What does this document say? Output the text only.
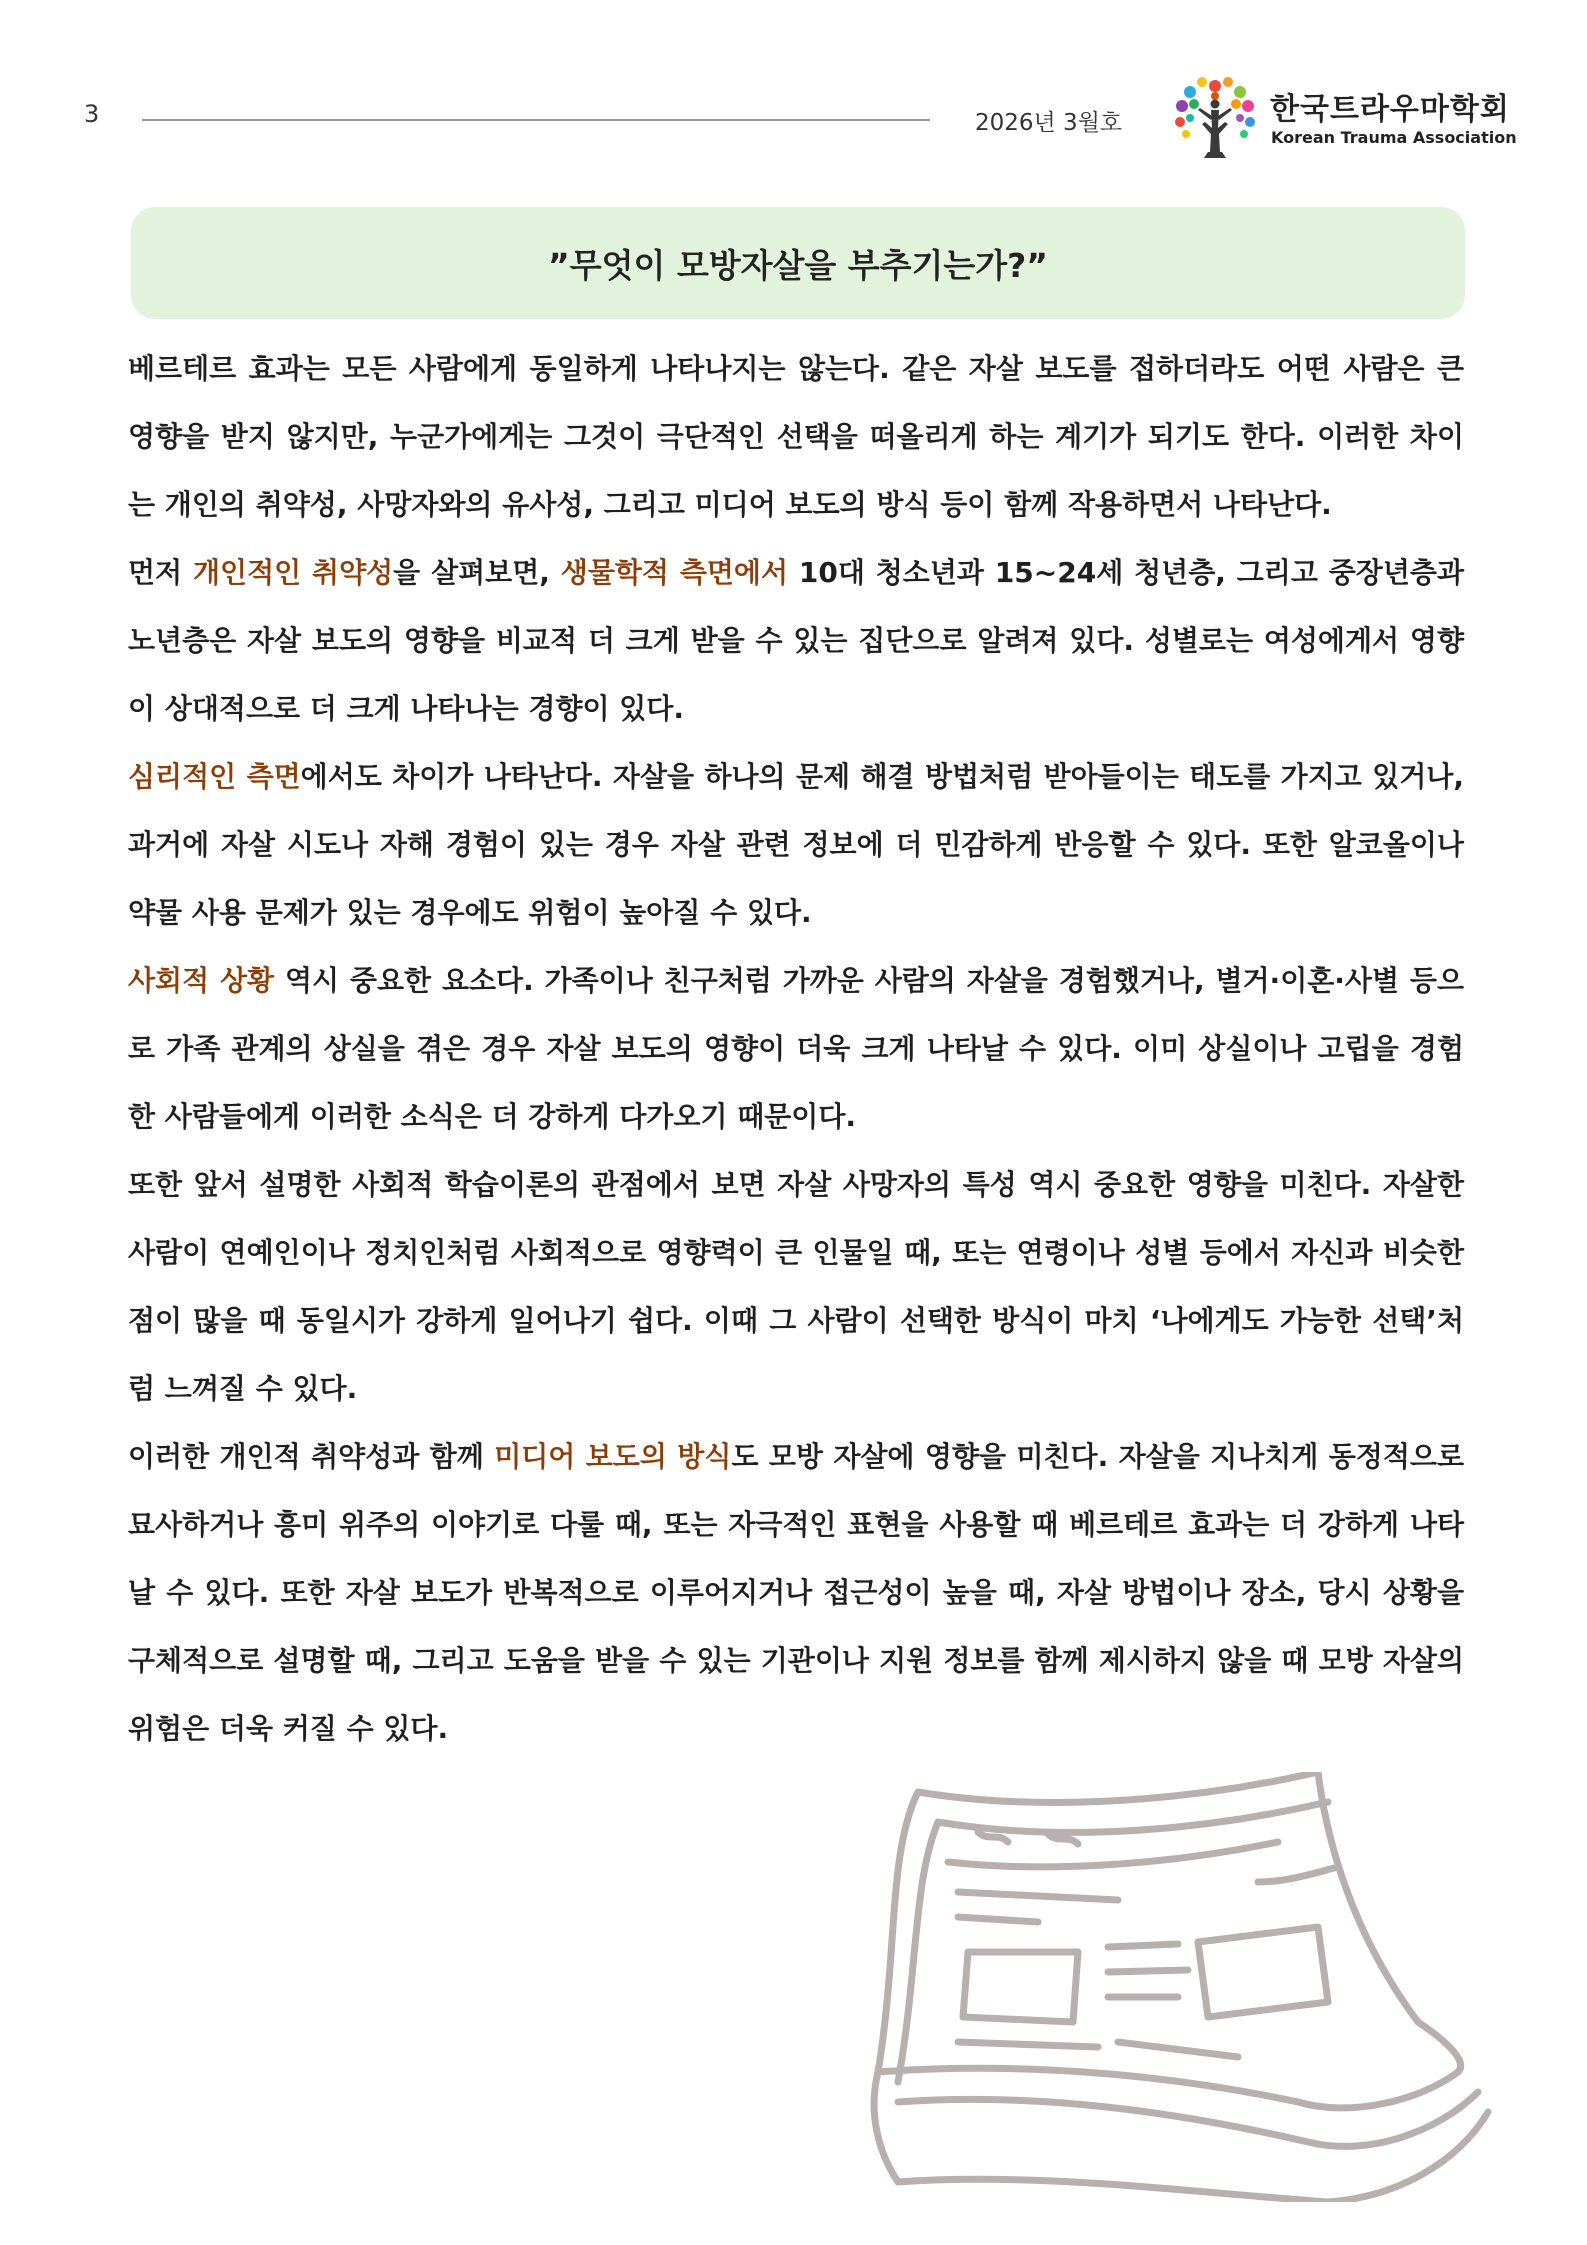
3	2026년 3월호	한국트라우마학회
Korean Trauma Association
”무엇이 모방자살을 부추기는가?”

베르테르 효과는 모든 사람에게 동일하게 나타나지는 않는다. 같은 자살 보도를 접하더라도 어떤 사람은 큰 영향을 받지 않지만, 누군가에게는 그것이 극단적인 선택을 떠올리게 하는 계기가 되기도 한다. 이러한 차이는 개인의 취약성, 사망자와의 유사성, 그리고 미디어 보도의 방식 등이 함께 작용하면서 나타난다.

먼저 개인적인 취약성을 살펴보면, 생물학적 측면에서 10대 청소년과 15~24세 청년층, 그리고 중장년층과 노년층은 자살 보도의 영향을 비교적 더 크게 받을 수 있는 집단으로 알려져 있다. 성별로는 여성에게서 영향이 상대적으로 더 크게 나타나는 경향이 있다.

심리적인 측면에서도 차이가 나타난다. 자살을 하나의 문제 해결 방법처럼 받아들이는 태도를 가지고 있거나, 과거에 자살 시도나 자해 경험이 있는 경우 자살 관련 정보에 더 민감하게 반응할 수 있다. 또한 알코올이나 약물 사용 문제가 있는 경우에도 위험이 높아질 수 있다.

사회적 상황 역시 중요한 요소다. 가족이나 친구처럼 가까운 사람의 자살을 경험했거나, 별거·이혼·사별 등으로 가족 관계의 상실을 겪은 경우 자살 보도의 영향이 더욱 크게 나타날 수 있다. 이미 상실이나 고립을 경험한 사람들에게 이러한 소식은 더 강하게 다가오기 때문이다.

또한 앞서 설명한 사회적 학습이론의 관점에서 보면 자살 사망자의 특성 역시 중요한 영향을 미친다. 자살한 사람이 연예인이나 정치인처럼 사회적으로 영향력이 큰 인물일 때, 또는 연령이나 성별 등에서 자신과 비슷한 점이 많을 때 동일시가 강하게 일어나기 쉽다. 이때 그 사람이 선택한 방식이 마치 ‘나에게도 가능한 선택’처럼 느껴질 수 있다.

이러한 개인적 취약성과 함께 미디어 보도의 방식도 모방 자살에 영향을 미친다. 자살을 지나치게 동정적으로 묘사하거나 흥미 위주의 이야기로 다룰 때, 또는 자극적인 표현을 사용할 때 베르테르 효과는 더 강하게 나타날 수 있다. 또한 자살 보도가 반복적으로 이루어지거나 접근성이 높을 때, 자살 방법이나 장소, 당시 상황을 구체적으로 설명할 때, 그리고 도움을 받을 수 있는 기관이나 지원 정보를 함께 제시하지 않을 때 모방 자살의 위험은 더욱 커질 수 있다.
